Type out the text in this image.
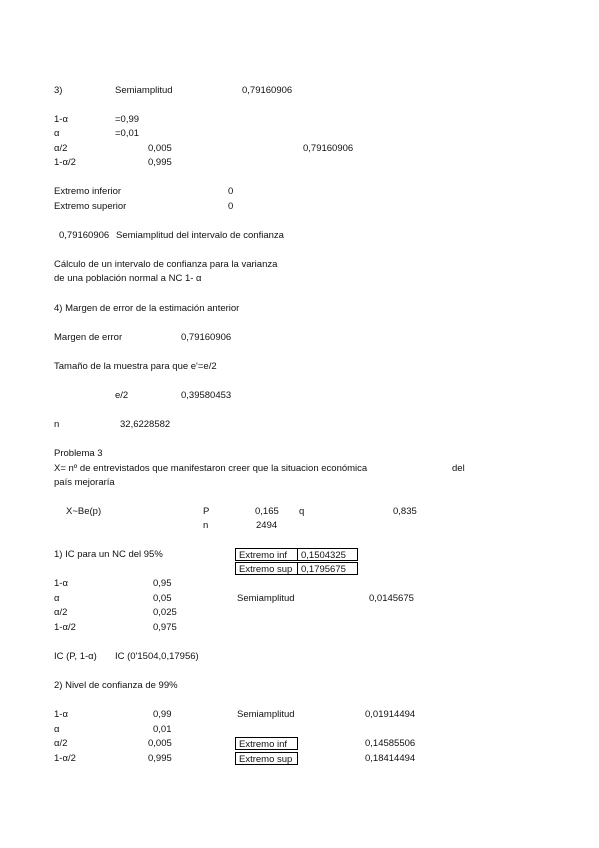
3)	Semiamplitud	0,79160906
1-α	=0,99
α	=0,01
α/2	0,005	0,79160906
1-α/2	0,995
Extremo inferior	0
Extremo superior	0
0,79160906 Semiamplitud del intervalo de confianza
Cálculo de un intervalo de confianza para la varianza
de una población normal a NC 1- α
4) Margen de error de la estimación anterior
Margen de error	0,79160906
Tamaño de la muestra para que e'=e/2
e/2	0,39580453
n	32,6228582
Problema 3
X= nº de entrevistados que manifestaron creer que la situacion económica	del
país mejoraría
X~Be(p)	P	0,165 q	0,835
n	2494
1) IC para un NC del 95%	Extremo inf	0,1504325
Extremo sup 0,1795675
1-α	0,95
α	0,05	Semiamplitud	0,0145675
α/2	0,025
1-α/2	0,975
IC (P, 1-α) IC (0'1504,0,17956)
2) Nivel de confianza de 99%
1-α	0,99	Semiamplitud	0,01914494
α	0,01
α/2	0,005	Extremo inf	0,14585506
1-α/2	0,995	Extremo sup	0,18414494
